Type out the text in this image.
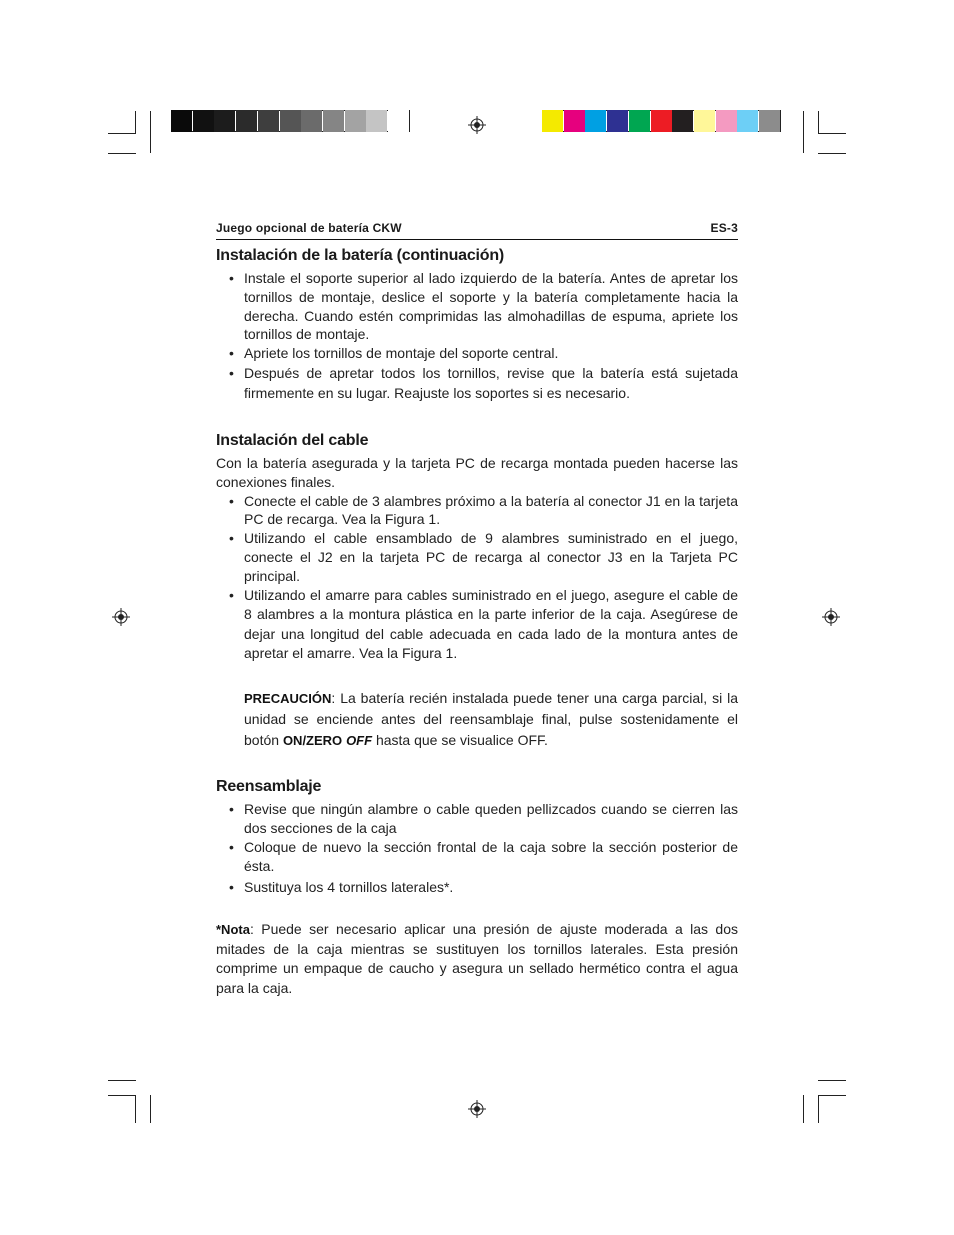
Juego opcional de batería CKW	ES-3
Instalación de la batería (continuación)
• Instale el soporte superior al lado izquierdo de la batería. Antes de apretar los tornillos de montaje, deslice el soporte y la batería completamente hacia la derecha. Cuando estén comprimidas las almohadillas de espuma, apriete los tornillos de montaje.
• Apriete los tornillos de montaje del soporte central.
• Después de apretar todos los tornillos, revise que la batería está sujetada firmemente en su lugar. Reajuste los soportes si es necesario.
Instalación del cable
Con la batería asegurada y la tarjeta PC de recarga montada pueden hacerse las conexiones finales.
• Conecte el cable de 3 alambres próximo a la batería al conector J1 en la tarjeta PC de recarga. Vea la Figura 1.
• Utilizando el cable ensamblado de 9 alambres suministrado en el juego, conecte el J2 en la tarjeta PC de recarga al conector J3 en la Tarjeta PC principal.
• Utilizando el amarre para cables suministrado en el juego, asegure el cable de 8 alambres a la montura plástica en la parte inferior de la caja. Asegúrese de dejar una longitud del cable adecuada en cada lado de la montura antes de apretar el amarre. Vea la Figura 1.
PRECAUCIÓN: La batería recién instalada puede tener una carga parcial, si la unidad se enciende antes del reensamblaje final, pulse sostenidamente el botón ON/ZERO OFF hasta que se visualice OFF.
Reensamblaje
• Revise que ningún alambre o cable queden pellizcados cuando se cierren las dos secciones de la caja
• Coloque de nuevo la sección frontal de la caja sobre la sección posterior de ésta.
• Sustituya los 4 tornillos laterales*.
*Nota: Puede ser necesario aplicar una presión de ajuste moderada a las dos mitades de la caja mientras se sustituyen los tornillos laterales. Esta presión comprime un empaque de caucho y asegura un sellado hermético contra el agua para la caja.
